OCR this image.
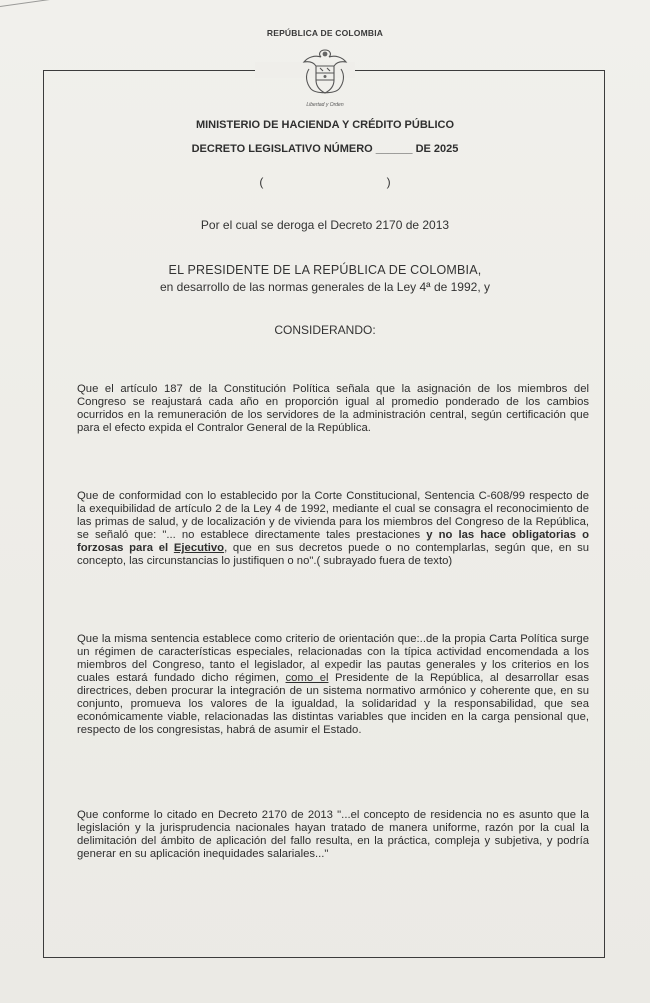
REPÚBLICA DE COLOMBIA
Libertad y Orden
MINISTERIO DE HACIENDA Y CRÉDITO PÚBLICO
DECRETO LEGISLATIVO NÚMERO ______ DE 2025
( )
Por el cual se deroga el Decreto 2170 de 2013
EL PRESIDENTE DE LA REPÚBLICA DE COLOMBIA,
en desarrollo de las normas generales de la Ley 4ª de 1992, y
CONSIDERANDO:
Que el artículo 187 de la Constitución Política señala que la asignación de los miembros del Congreso se reajustará cada año en proporción igual al promedio ponderado de los cambios ocurridos en la remuneración de los servidores de la administración central, según certificación que para el efecto expida el Contralor General de la República.
Que de conformidad con lo establecido por la Corte Constitucional, Sentencia C-608/99 respecto de la exequibilidad de artículo 2 de la Ley 4 de 1992, mediante el cual se consagra el reconocimiento de las primas de salud, y de localización y de vivienda para los miembros del Congreso de la República, se señaló que: "... no establece directamente tales prestaciones y no las hace obligatorias o forzosas para el Ejecutivo, que en sus decretos puede o no contemplarlas, según que, en su concepto, las circunstancias lo justifiquen o no".( subrayado fuera de texto)
Que la misma sentencia establece como criterio de orientación que:..de la propia Carta Política surge un régimen de características especiales, relacionadas con la típica actividad encomendada a los miembros del Congreso, tanto el legislador, al expedir las pautas generales y los criterios en los cuales estará fundado dicho régimen, como el Presidente de la República, al desarrollar esas directrices, deben procurar la integración de un sistema normativo armónico y coherente que, en su conjunto, promueva los valores de la igualdad, la solidaridad y la responsabilidad, que sea económicamente viable, relacionadas las distintas variables que inciden en la carga pensional que, respecto de los congresistas, habrá de asumir el Estado.
Que conforme lo citado en Decreto 2170 de 2013 "...el concepto de residencia no es asunto que la legislación y la jurisprudencia nacionales hayan tratado de manera uniforme, razón por la cual la delimitación del ámbito de aplicación del fallo resulta, en la práctica, compleja y subjetiva, y podría generar en su aplicación inequidades salariales..."
